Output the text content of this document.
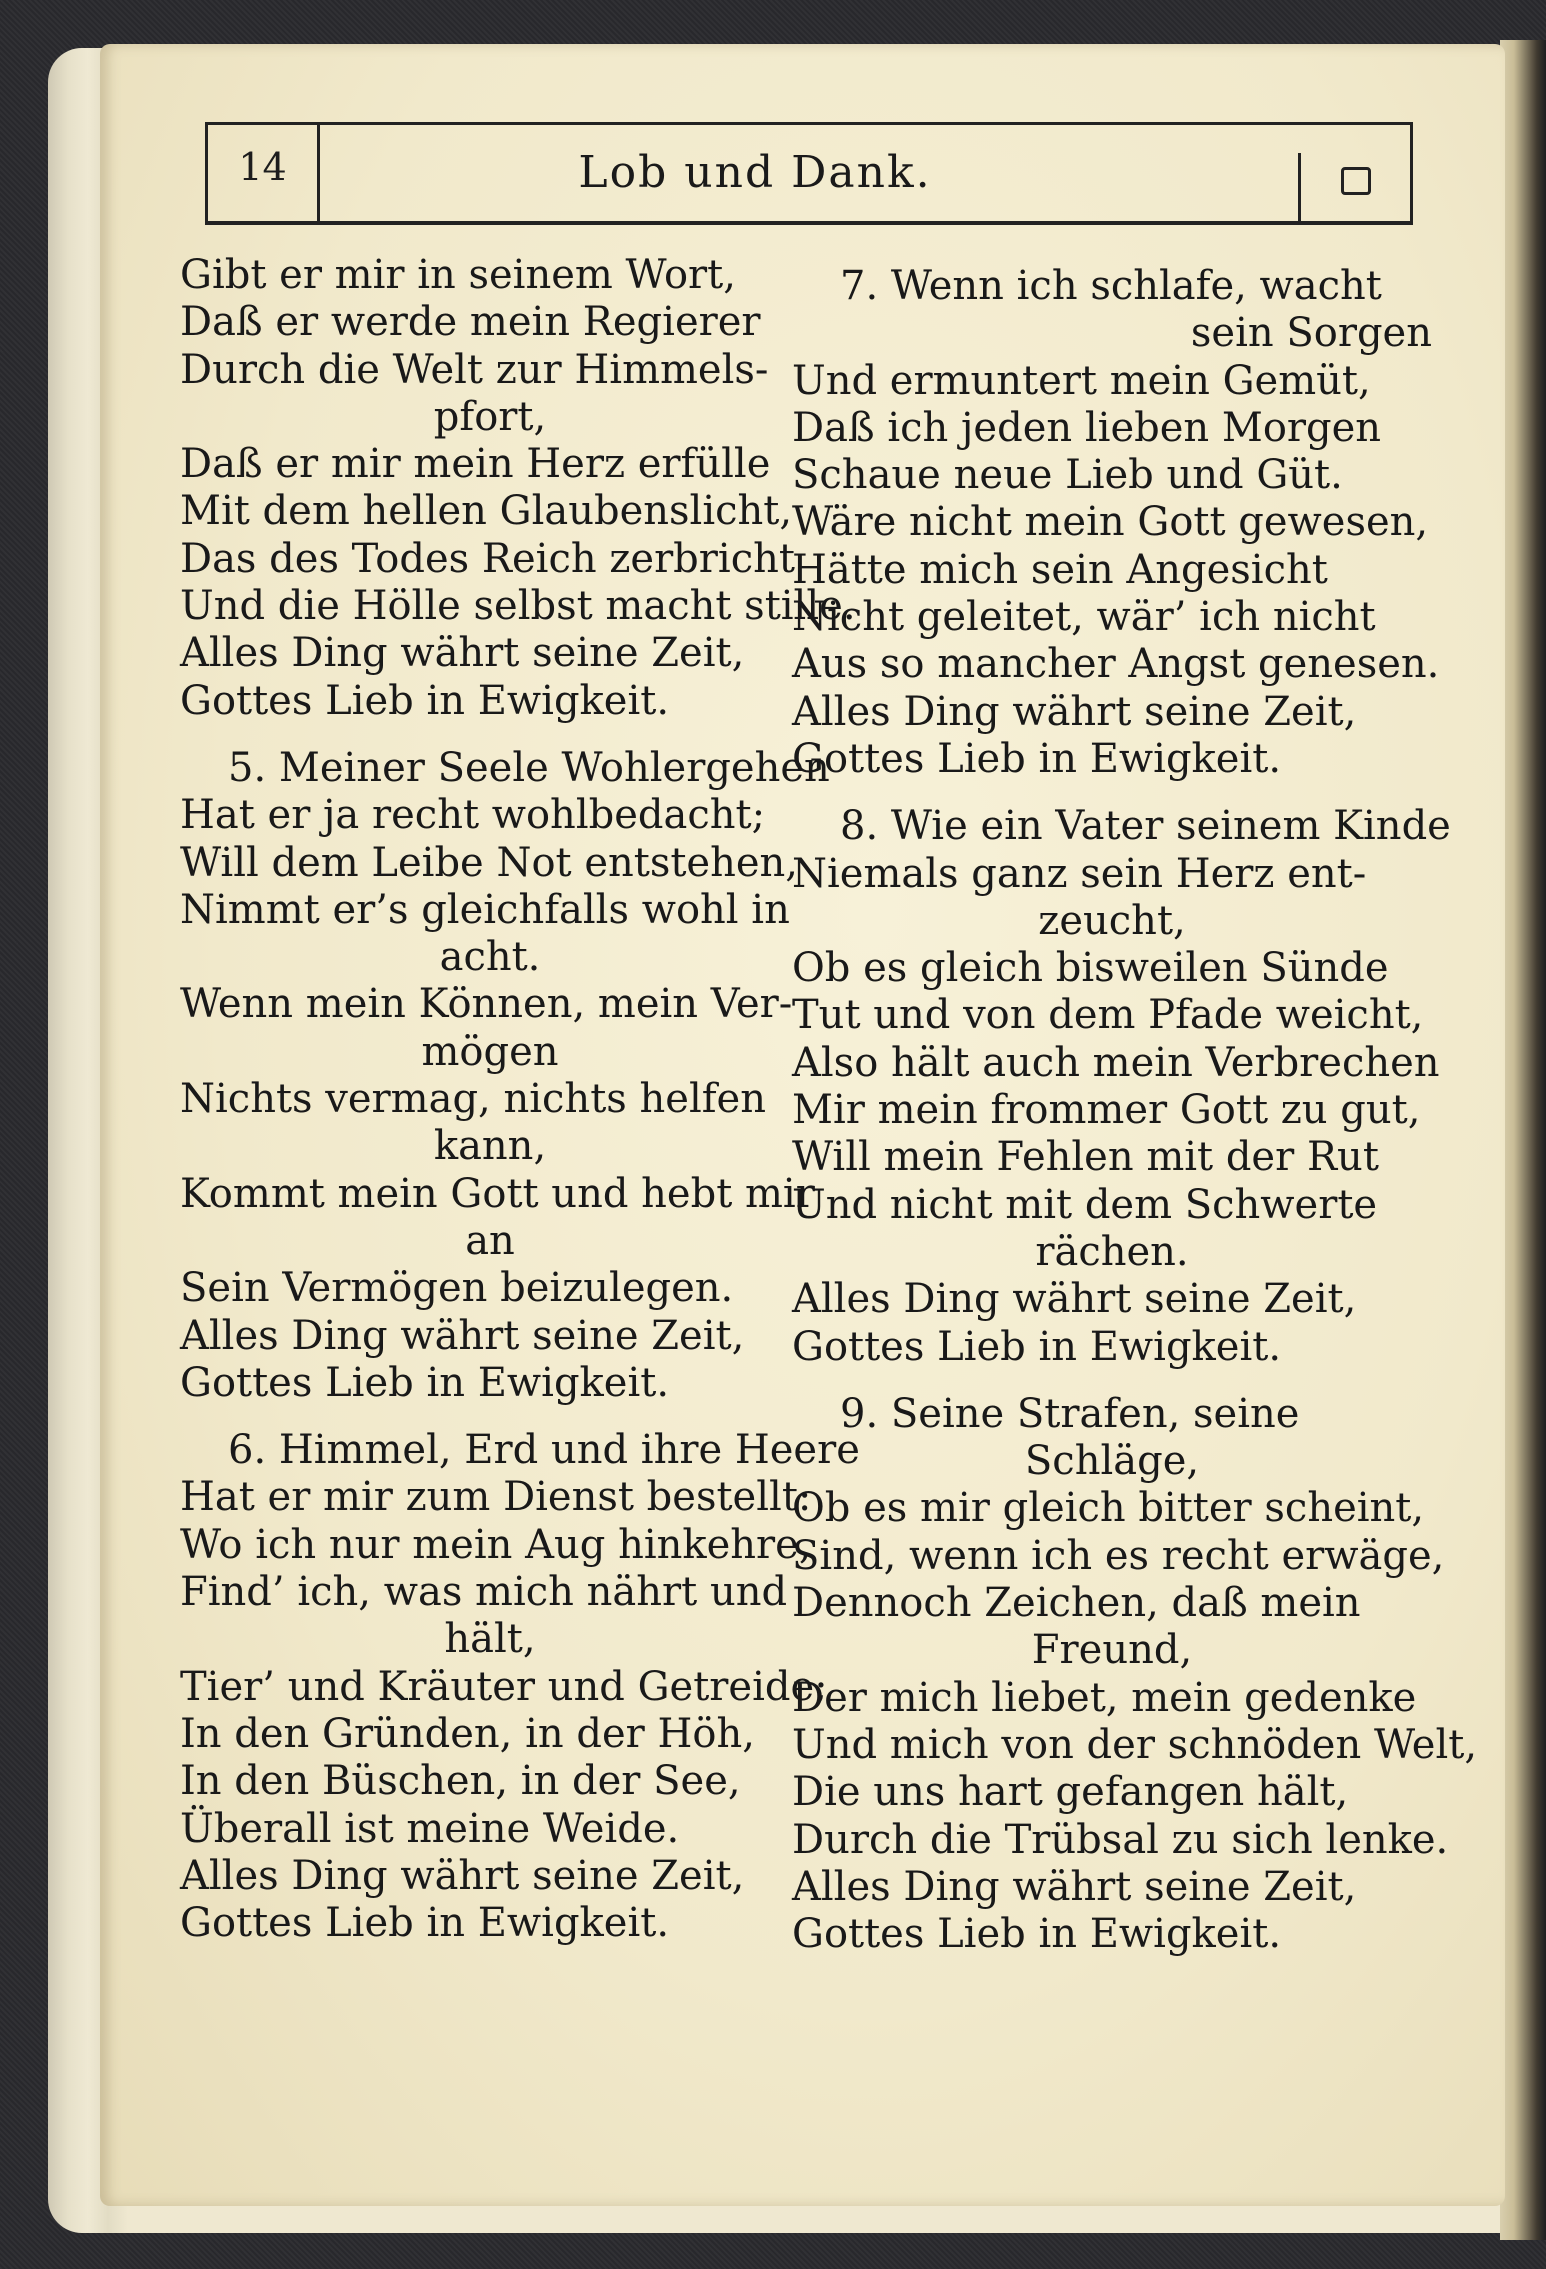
14	Lob und Dank.
Gibt er mir in seinem Wort,
Daß er werde mein Regierer
Durch die Welt zur Himmels-
pfort,
Daß er mir mein Herz erfülle
Mit dem hellen Glaubenslicht,
Das des Todes Reich zerbricht
Und die Hölle selbst macht stille.
Alles Ding währt seine Zeit,
Gottes Lieb in Ewigkeit.
5. Meiner Seele Wohlergehen
Hat er ja recht wohlbedacht;
Will dem Leibe Not entstehen,
Nimmt er’s gleichfalls wohl in
acht.
Wenn mein Können, mein Ver-
mögen
Nichts vermag, nichts helfen
kann,
Kommt mein Gott und hebt mir
an
Sein Vermögen beizulegen.
Alles Ding währt seine Zeit,
Gottes Lieb in Ewigkeit.
6. Himmel, Erd und ihre Heere
Hat er mir zum Dienst bestellt:
Wo ich nur mein Aug hinkehre,
Find’ ich, was mich nährt und
hält,
Tier’ und Kräuter und Getreide;
In den Gründen, in der Höh,
In den Büschen, in der See,
Überall ist meine Weide.
Alles Ding währt seine Zeit,
Gottes Lieb in Ewigkeit.
7. Wenn ich schlafe, wacht
sein Sorgen
Und ermuntert mein Gemüt,
Daß ich jeden lieben Morgen
Schaue neue Lieb und Güt.
Wäre nicht mein Gott gewesen,
Hätte mich sein Angesicht
Nicht geleitet, wär’ ich nicht
Aus so mancher Angst genesen.
Alles Ding währt seine Zeit,
Gottes Lieb in Ewigkeit.
8. Wie ein Vater seinem Kinde
Niemals ganz sein Herz ent-
zeucht,
Ob es gleich bisweilen Sünde
Tut und von dem Pfade weicht,
Also hält auch mein Verbrechen
Mir mein frommer Gott zu gut,
Will mein Fehlen mit der Rut
Und nicht mit dem Schwerte
rächen.
Alles Ding währt seine Zeit,
Gottes Lieb in Ewigkeit.
9. Seine Strafen, seine
Schläge,
Ob es mir gleich bitter scheint,
Sind, wenn ich es recht erwäge,
Dennoch Zeichen, daß mein
Freund,
Der mich liebet, mein gedenke
Und mich von der schnöden Welt,
Die uns hart gefangen hält,
Durch die Trübsal zu sich lenke.
Alles Ding währt seine Zeit,
Gottes Lieb in Ewigkeit.
